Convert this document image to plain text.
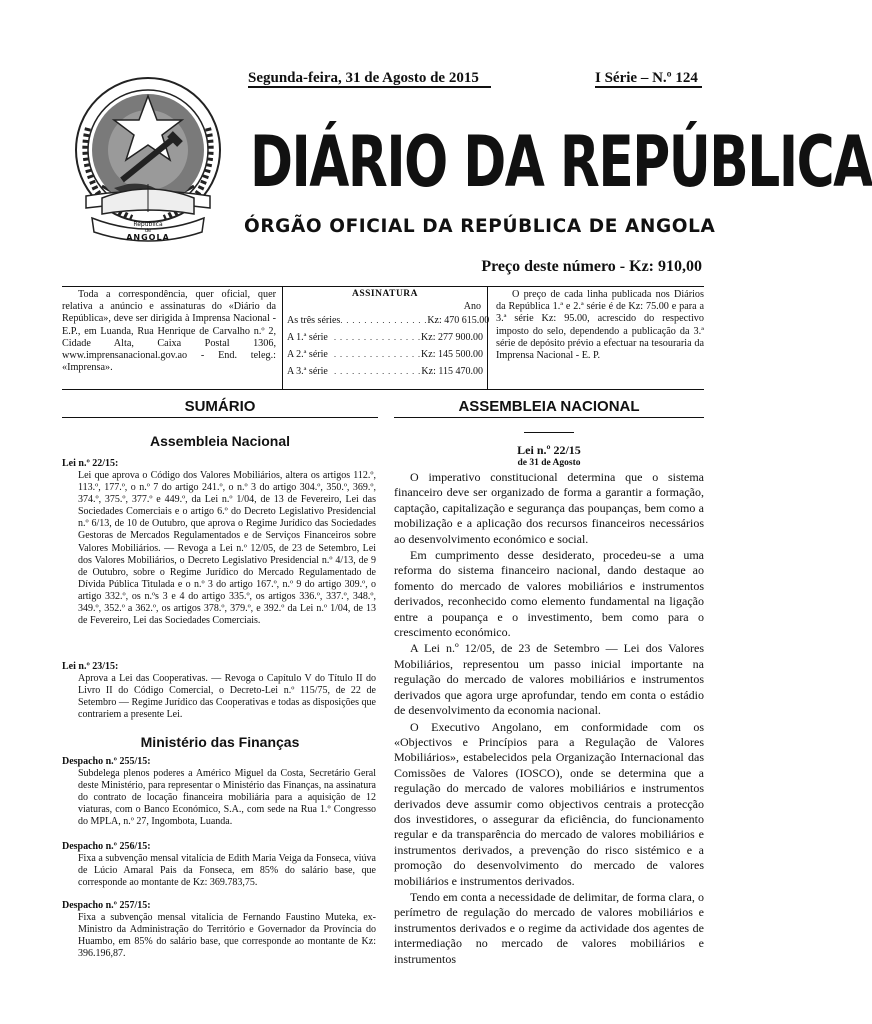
República
de
ANGOLA
Segunda-feira, 31 de Agosto de 2015	I Série – N.º 124
DIÁRIO DA REPÚBLICA
ÓRGÃO OFICIAL DA REPÚBLICA DE ANGOLA
Preço deste número - Kz: 910,00
Toda a correspondência, quer oficial, quer relativa a anúncio e assinaturas do «Diário da República», deve ser dirigida à Imprensa Nacional - E.P., em Luanda, Rua Henrique de Carvalho n.º 2, Cidade Alta, Caixa Postal 1306, www.imprensanacional.gov.ao - End. teleg.: «Imprensa».
ASSINATURA
Ano
As três séries . . . . . . . . . . . . . . . Kz: 470 615.00
A 1.ª série . . . . . . . . . . . . . . . Kz: 277 900.00
A 2.ª série . . . . . . . . . . . . . . . Kz: 145 500.00
A 3.ª série . . . . . . . . . . . . . . . Kz: 115 470.00
O preço de cada linha publicada nos Diários da República 1.ª e 2.ª série é de Kz: 75.00 e para a 3.ª série Kz: 95.00, acrescido do respectivo imposto do selo, dependendo a publicação da 3.ª série de depósito prévio a efectuar na tesouraria da Imprensa Nacional - E. P.
SUMÁRIO
Assembleia Nacional
Lei n.º 22/15:
Lei que aprova o Código dos Valores Mobiliários, altera os artigos 112.º, 113.º, 177.º, o n.º 7 do artigo 241.º, o n.º 3 do artigo 304.º, 350.º, 369.º, 374.º, 375.º, 377.º e 449.º, da Lei n.º 1/04, de 13 de Fevereiro, Lei das Sociedades Comerciais e o artigo 6.º do Decreto Legislativo Presidencial n.º 6/13, de 10 de Outubro, que aprova o Regime Jurídico das Sociedades Gestoras de Mercados Regulamentados e de Serviços Financeiros sobre Valores Mobiliários. — Revoga a Lei n.º 12/05, de 23 de Setembro, Lei dos Valores Mobiliários, o Decreto Legislativo Presidencial n.º 4/13, de 9 de Outubro, sobre o Regime Jurídico do Mercado Regulamentado de Dívida Pública Titulada e o n.º 3 do artigo 167.º, n.º 9 do artigo 309.º, o artigo 332.º, os n.ºs 3 e 4 do artigo 335.º, os artigos 336.º, 337.º, 348.º, 349.º, 352.º a 362.º, os artigos 378.º, 379.º, e 392.º da Lei n.º 1/04, de 13 de Fevereiro, Lei das Sociedades Comerciais.
Lei n.º 23/15:
Aprova a Lei das Cooperativas. — Revoga o Capítulo V do Título II do Livro II do Código Comercial, o Decreto-Lei n.º 115/75, de 22 de Setembro — Regime Jurídico das Cooperativas e todas as disposições que contrariem a presente Lei.
Ministério das Finanças
Despacho n.º 255/15:
Subdelega plenos poderes a Américo Miguel da Costa, Secretário Geral deste Ministério, para representar o Ministério das Finanças, na assinatura do contrato de locação financeira mobiliária para a aquisição de 12 viaturas, com o Banco Económico, S.A., com sede na Rua 1.º Congresso do MPLA, n.º 27, Ingombota, Luanda.
Despacho n.º 256/15:
Fixa a subvenção mensal vitalícia de Edith Maria Veiga da Fonseca, viúva de Lúcio Amaral Pais da Fonseca, em 85% do salário base, que corresponde ao montante de Kz: 369.783,75.
Despacho n.º 257/15:
Fixa a subvenção mensal vitalícia de Fernando Faustino Muteka, ex-Ministro da Administração do Território e Governador da Província do Huambo, em 85% do salário base, que corresponde ao montante de Kz: 396.196,87.
ASSEMBLEIA NACIONAL
Lei n.º 22/15
de 31 de Agosto

O imperativo constitucional determina que o sistema financeiro deve ser organizado de forma a garantir a formação, captação, capitalização e segurança das poupanças, bem como a mobilização e a aplicação dos recursos financeiros necessários ao desenvolvimento económico e social.

Em cumprimento desse desiderato, procedeu-se a uma reforma do sistema financeiro nacional, dando destaque ao fomento do mercado de valores mobiliários e instrumentos derivados, reconhecido como elemento fundamental na ligação entre a poupança e o investimento, bem como para o crescimento económico.

A Lei n.º 12/05, de 23 de Setembro — Lei dos Valores Mobiliários, representou um passo inicial importante na regulação do mercado de valores mobiliários e instrumentos derivados que agora urge aprofundar, tendo em conta o estádio de desenvolvimento da economia nacional.

O Executivo Angolano, em conformidade com os «Objectivos e Princípios para a Regulação de Valores Mobiliários», estabelecidos pela Organização Internacional das Comissões de Valores (IOSCO), onde se determina que a regulação do mercado de valores mobiliários e instrumentos derivados deve assumir como objectivos centrais a protecção dos investidores, o assegurar da eficiência, do funcionamento regular e da transparência do mercado de valores mobiliários e instrumentos derivados, a prevenção do risco sistémico e a promoção do desenvolvimento do mercado de valores mobiliários e instrumentos derivados.

Tendo em conta a necessidade de delimitar, de forma clara, o perímetro de regulação do mercado de valores mobiliários e instrumentos derivados e o regime da actividade dos agentes de intermediação no mercado de valores mobiliários e instrumentos
